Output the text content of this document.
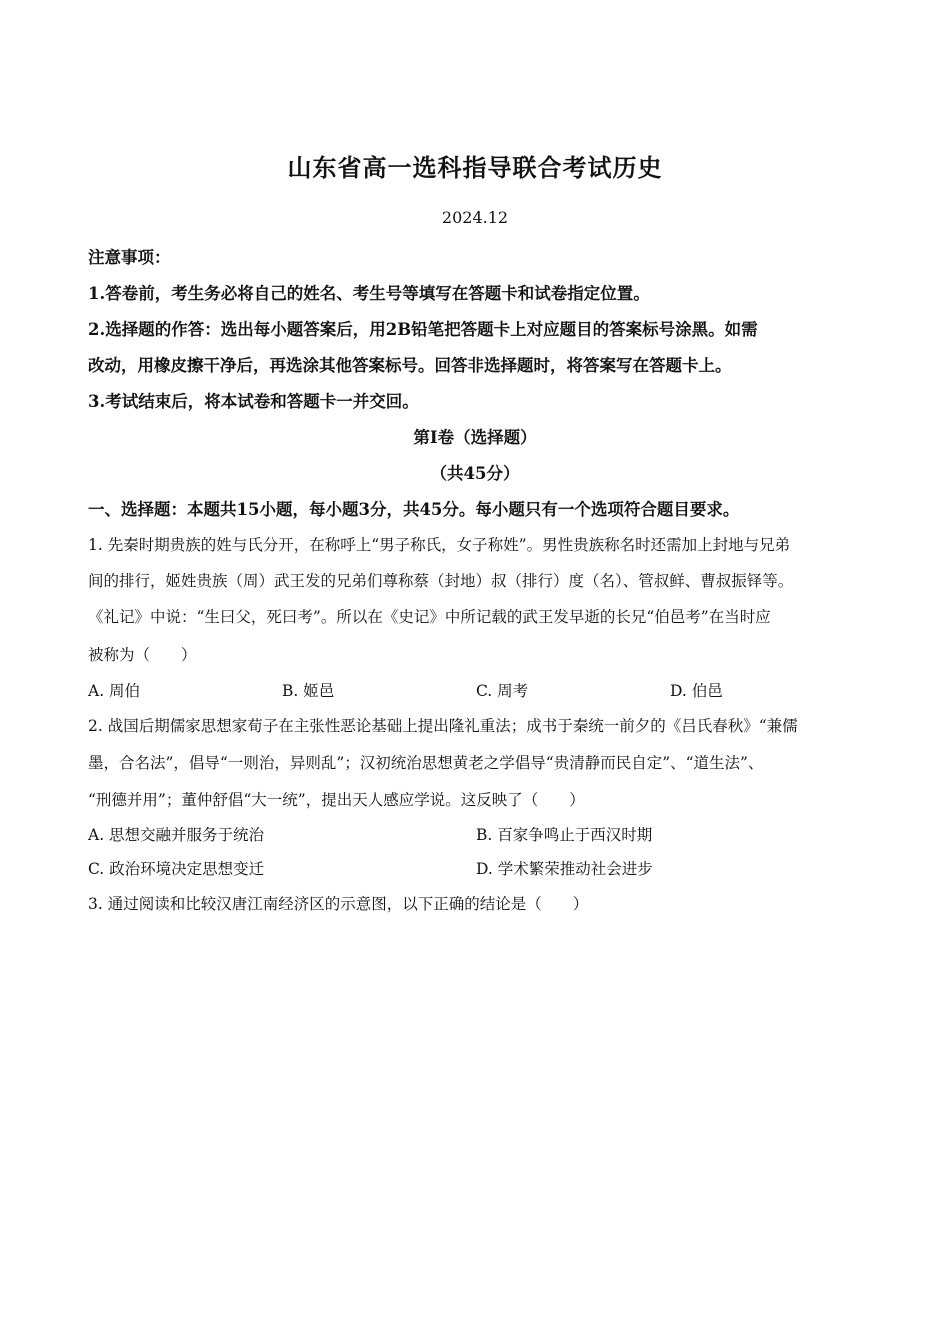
山东省高一选科指导联合考试历史
2024.12
注意事项：
1.答卷前，考生务必将自己的姓名、考生号等填写在答题卡和试卷指定位置。
2.选择题的作答：选出每小题答案后，用2B铅笔把答题卡上对应题目的答案标号涂黑。如需
改动，用橡皮擦干净后，再选涂其他答案标号。回答非选择题时，将答案写在答题卡上。
3.考试结束后，将本试卷和答题卡一并交回。
第Ⅰ卷（选择题）
（共45分）
一、选择题：本题共15小题，每小题3分，共45分。每小题只有一个选项符合题目要求。
1. 先秦时期贵族的姓与氏分开，在称呼上“男子称氏，女子称姓”。男性贵族称名时还需加上封地与兄弟
间的排行，姬姓贵族（周）武王发的兄弟们尊称蔡（封地）叔（排行）度（名）、管叔鲜、曹叔振铎等。
《礼记》中说：“生曰父，死曰考”。所以在《史记》中所记载的武王发早逝的长兄“伯邑考”在当时应
被称为（　　）
A. 周伯	B. 姬邑	C. 周考	D. 伯邑
2. 战国后期儒家思想家荀子在主张性恶论基础上提出隆礼重法；成书于秦统一前夕的《吕氏春秋》“兼儒
墨，合名法”，倡导“一则治，异则乱”；汉初统治思想黄老之学倡导“贵清静而民自定”、“道生法”、
“刑德并用”；董仲舒倡“大一统”，提出天人感应学说。这反映了（　　）
A. 思想交融并服务于统治	B. 百家争鸣止于西汉时期
C. 政治环境决定思想变迁	D. 学术繁荣推动社会进步
3. 通过阅读和比较汉唐江南经济区的示意图，以下正确的结论是（　　）
